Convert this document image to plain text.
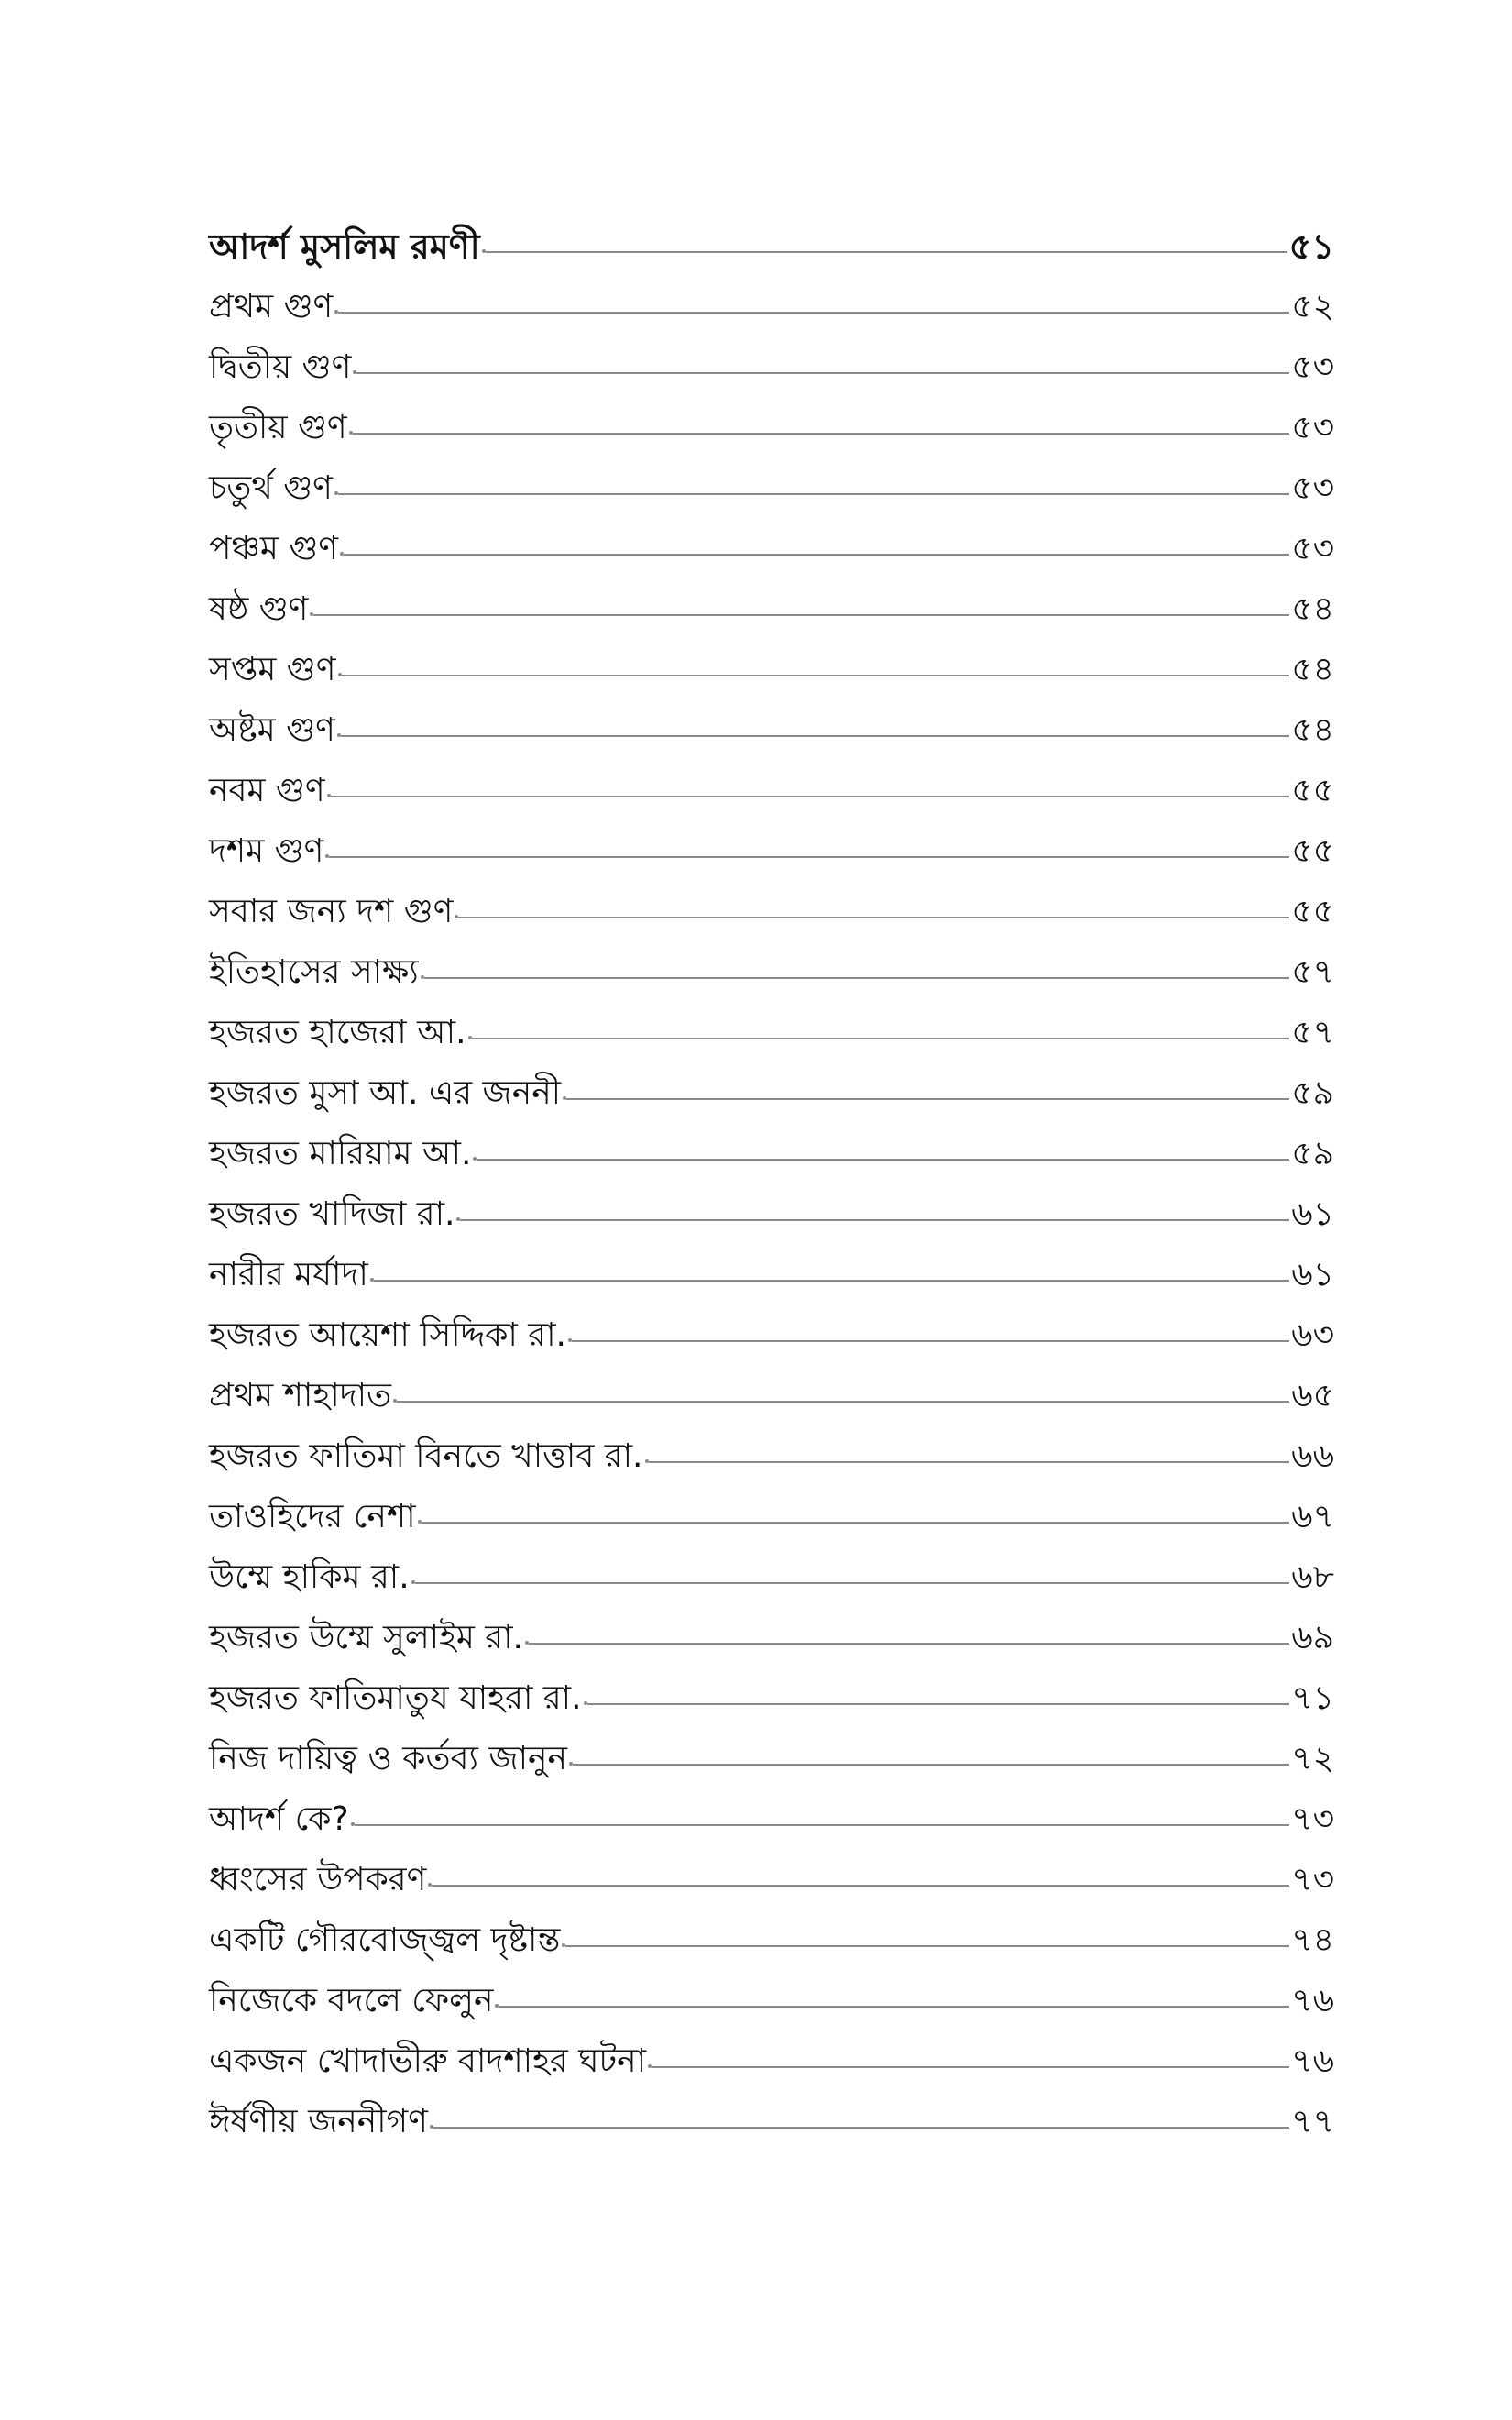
আদর্শ মুসলিম রমণী	৫১
প্রথম গুণ	৫২
দ্বিতীয় গুণ	৫৩
তৃতীয় গুণ	৫৩
চতুর্থ গুণ	৫৩
পঞ্চম গুণ	৫৩
ষষ্ঠ গুণ	৫৪
সপ্তম গুণ	৫৪
অষ্টম গুণ	৫৪
নবম গুণ	৫৫
দশম গুণ	৫৫
সবার জন্য দশ গুণ	৫৫
ইতিহাসের সাক্ষ্য	৫৭
হজরত হাজেরা আ.	৫৭
হজরত মুসা আ. এর জননী	৫৯
হজরত মারিয়াম আ.	৫৯
হজরত খাদিজা রা.	৬১
নারীর মর্যাদা	৬১
হজরত আয়েশা সিদ্দিকা রা.	৬৩
প্রথম শাহাদাত	৬৫
হজরত ফাতিমা বিনতে খাত্তাব রা.	৬৬
তাওহিদের নেশা	৬৭
উম্মে হাকিম রা.	৬৮
হজরত উম্মে সুলাইম রা.	৬৯
হজরত ফাতিমাতুয যাহরা রা.	৭১
নিজ দায়িত্ব ও কর্তব্য জানুন	৭২
আদর্শ কে?	৭৩
ধ্বংসের উপকরণ	৭৩
একটি গৌরবোজ্জ্বল দৃষ্টান্ত	৭৪
নিজেকে বদলে ফেলুন	৭৬
একজন খোদাভীরু বাদশাহর ঘটনা	৭৬
ঈর্ষণীয় জননীগণ	৭৭
